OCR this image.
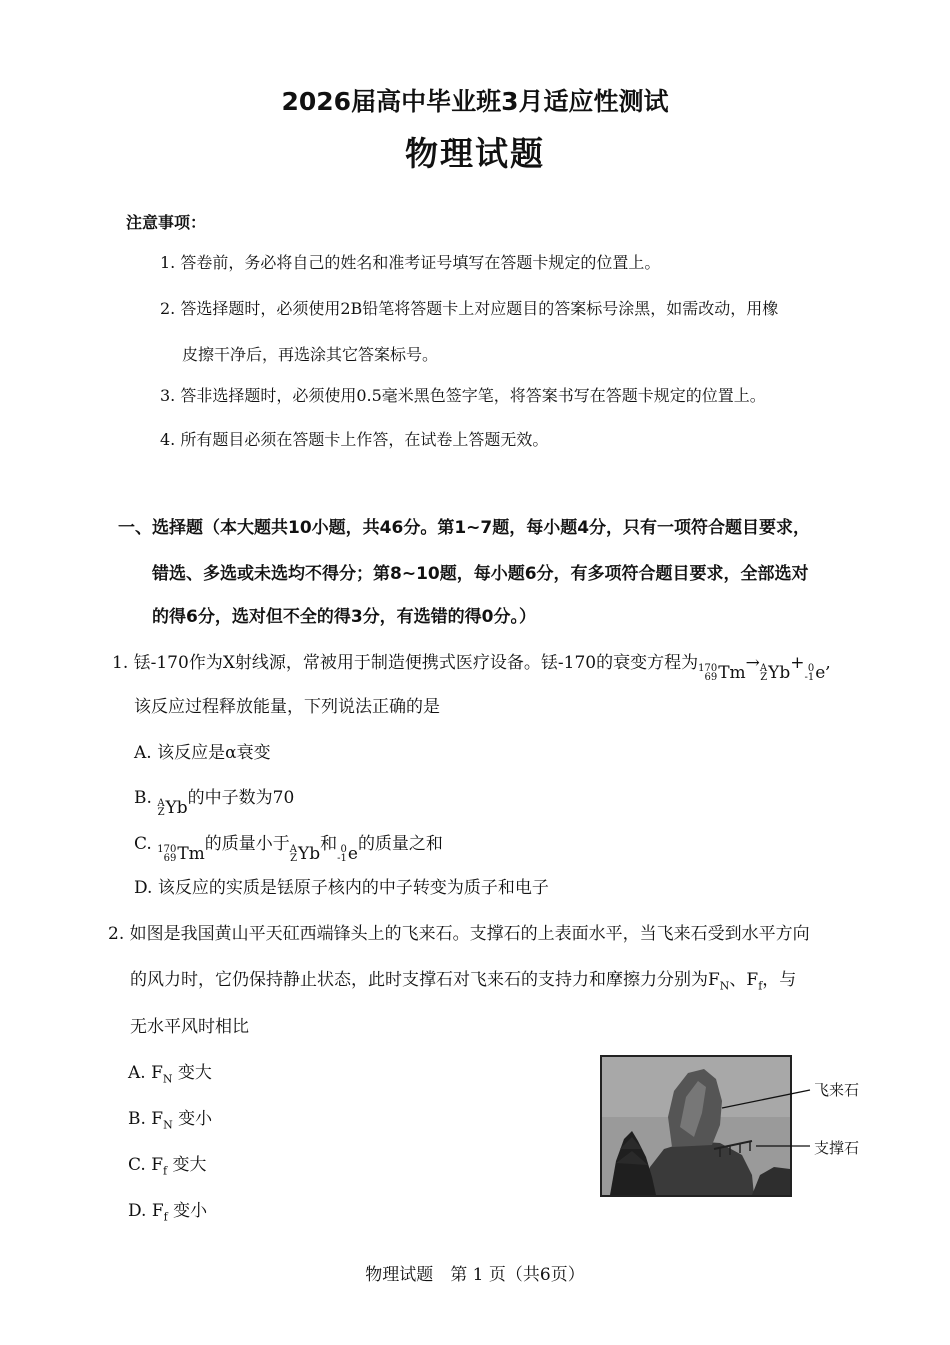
2026届高中毕业班3月适应性测试
物理试题
注意事项：
1. 答卷前，务必将自己的姓名和准考证号填写在答题卡规定的位置上。
2. 答选择题时，必须使用2B铅笔将答题卡上对应题目的答案标号涂黑，如需改动，用橡
皮擦干净后，再选涂其它答案标号。
3. 答非选择题时，必须使用0.5毫米黑色签字笔，将答案书写在答题卡规定的位置上。
4. 所有题目必须在答题卡上作答，在试卷上答题无效。
一、选择题（本大题共10小题，共46分。第1~7题，每小题4分，只有一项符合题目要求，
错选、多选或未选均不得分；第8~10题，每小题6分，有多项符合题目要求，全部选对
的得6分，选对但不全的得3分，有选错的得0分。）
1. 铥-170作为X射线源，常被用于制造便携式医疗设备。铥-170的衰变方程为 170
69 Tm → A
Z Yb + 0
-1 e ,
该反应过程释放能量，下列说法正确的是
A. 该反应是α衰变
B. A
Z Yb 的中子数为70
C. 170
69 Tm 的质量小于 A
Z Yb 和 0
-1 e 的质量之和
D. 该反应的实质是铥原子核内的中子转变为质子和电子
2. 如图是我国黄山平天矼西端锋头上的飞来石。支撑石的上表面水平，当飞来石受到水平方向
的风力时，它仍保持静止状态，此时支撑石对飞来石的支持力和摩擦力分别为$F_N$、$F_f$，与
无水平风时相比
A. $F_N$ 变大
B. $F_N$ 变小
C. $F_f$ 变大
D. $F_f$ 变小
飞来石
支撑石
物理试题　第 1 页（共6页）
